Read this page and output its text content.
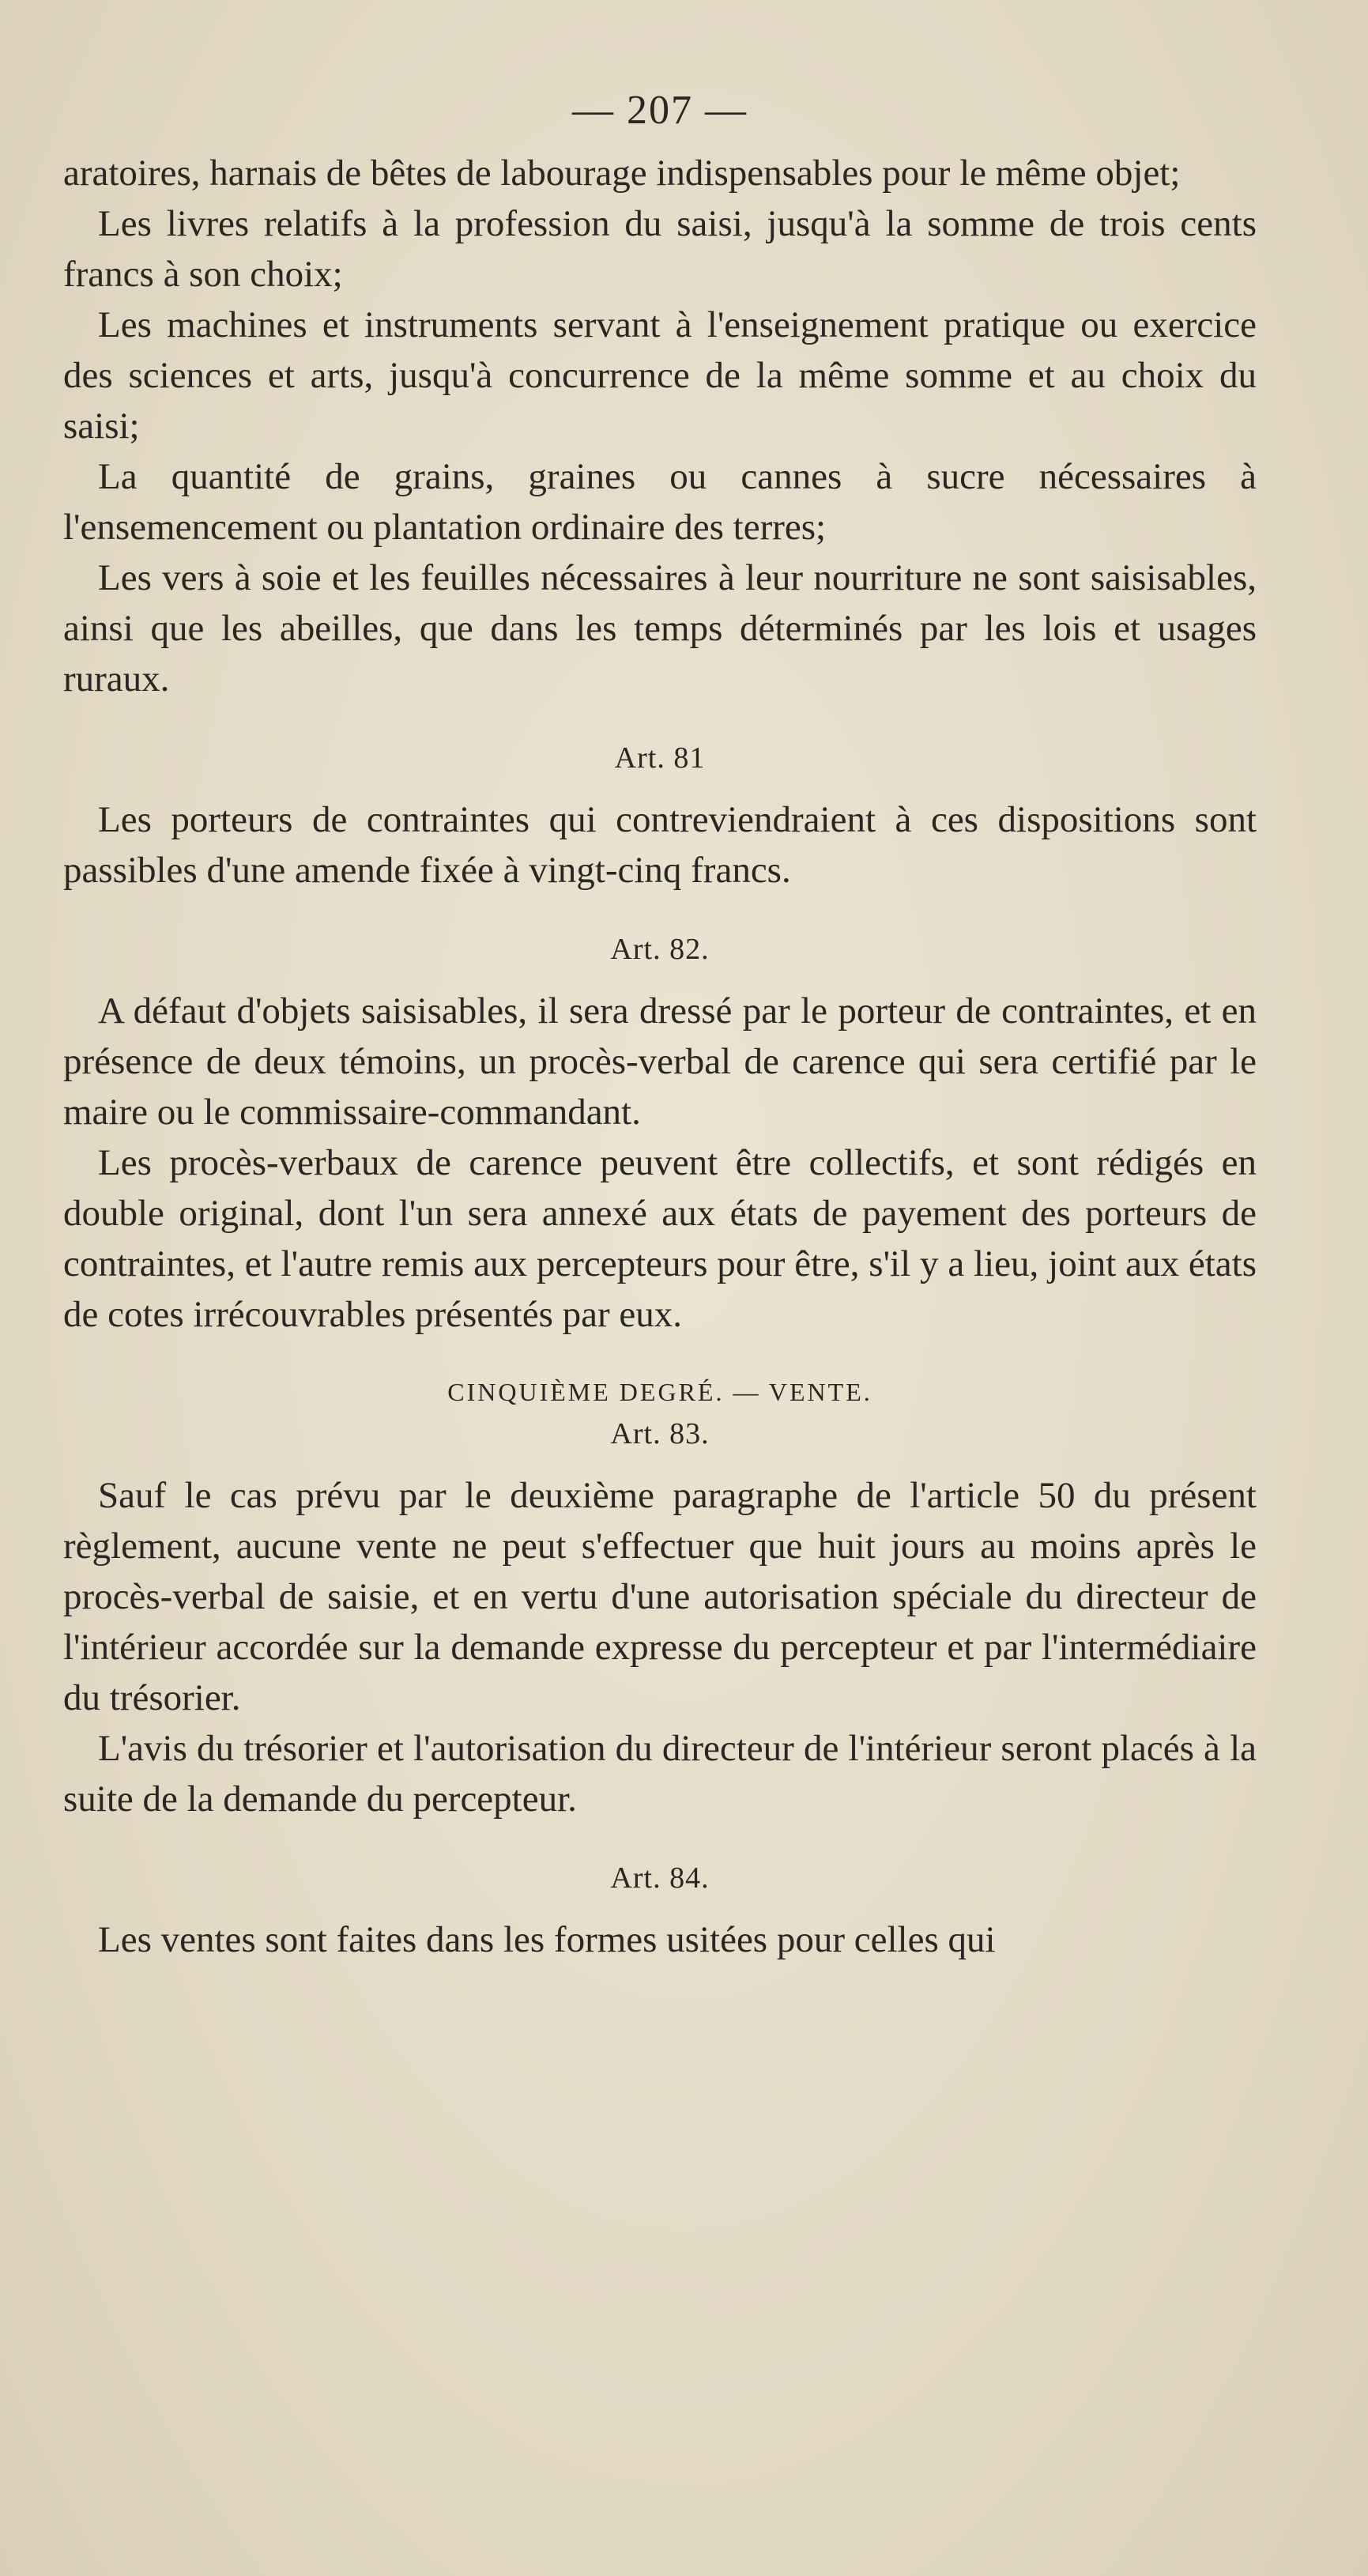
— 207 —

aratoires, harnais de bêtes de labourage indispensables pour le même objet;

Les livres relatifs à la profession du saisi, jusqu'à la somme de trois cents francs à son choix;

Les machines et instruments servant à l'enseignement pratique ou exercice des sciences et arts, jusqu'à concurrence de la même somme et au choix du saisi;

La quantité de grains, graines ou cannes à sucre nécessaires à l'ensemencement ou plantation ordinaire des terres;

Les vers à soie et les feuilles nécessaires à leur nourriture ne sont saisisables, ainsi que les abeilles, que dans les temps déterminés par les lois et usages ruraux.

Art. 81

Les porteurs de contraintes qui contreviendraient à ces dispositions sont passibles d'une amende fixée à vingt-cinq francs.

Art. 82.

A défaut d'objets saisisables, il sera dressé par le porteur de contraintes, et en présence de deux témoins, un procès-verbal de carence qui sera certifié par le maire ou le commissaire-commandant.

Les procès-verbaux de carence peuvent être collectifs, et sont rédigés en double original, dont l'un sera annexé aux états de payement des porteurs de contraintes, et l'autre remis aux percepteurs pour être, s'il y a lieu, joint aux états de cotes irrécouvrables présentés par eux.

CINQUIÈME DEGRÉ. — VENTE.
Art. 83.

Sauf le cas prévu par le deuxième paragraphe de l'article 50 du présent règlement, aucune vente ne peut s'effectuer que huit jours au moins après le procès-verbal de saisie, et en vertu d'une autorisation spéciale du directeur de l'intérieur accordée sur la demande expresse du percepteur et par l'intermédiaire du trésorier.

L'avis du trésorier et l'autorisation du directeur de l'intérieur seront placés à la suite de la demande du percepteur.

Art. 84.

Les ventes sont faites dans les formes usitées pour celles qui
